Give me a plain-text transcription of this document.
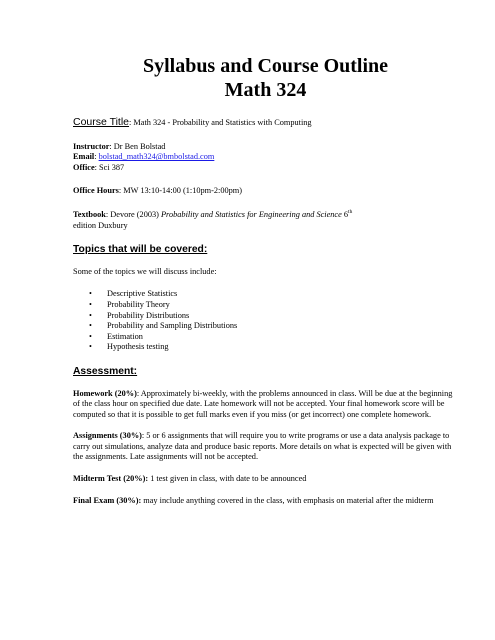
Syllabus and Course Outline
Math 324
Course Title: Math 324 - Probability and Statistics with Computing
Instructor: Dr Ben Bolstad
Email: bolstad_math324@bmbolstad.com
Office: Sci 387
Office Hours: MW 13:10-14:00 (1:10pm-2:00pm)
Textbook: Devore (2003) Probability and Statistics for Engineering and Science 6th
edition Duxbury
Topics that will be covered:
Some of the topics we will discuss include:
• Descriptive Statistics
• Probability Theory
• Probability Distributions
• Probability and Sampling Distributions
• Estimation
• Hypothesis testing
Assessment:
Homework (20%): Approximately bi-weekly, with the problems announced in class. Will be due at the beginning of the class hour on specified due date. Late homework will not be accepted. Your final homework score will be computed so that it is possible to get full marks even if you miss (or get incorrect) one complete homework.
Assignments (30%): 5 or 6 assignments that will require you to write programs or use a data analysis package to carry out simulations, analyze data and produce basic reports. More details on what is expected will be given with the assignments. Late assignments will not be accepted.
Midterm Test (20%): 1 test given in class, with date to be announced
Final Exam (30%): may include anything covered in the class, with emphasis on material after the midterm
